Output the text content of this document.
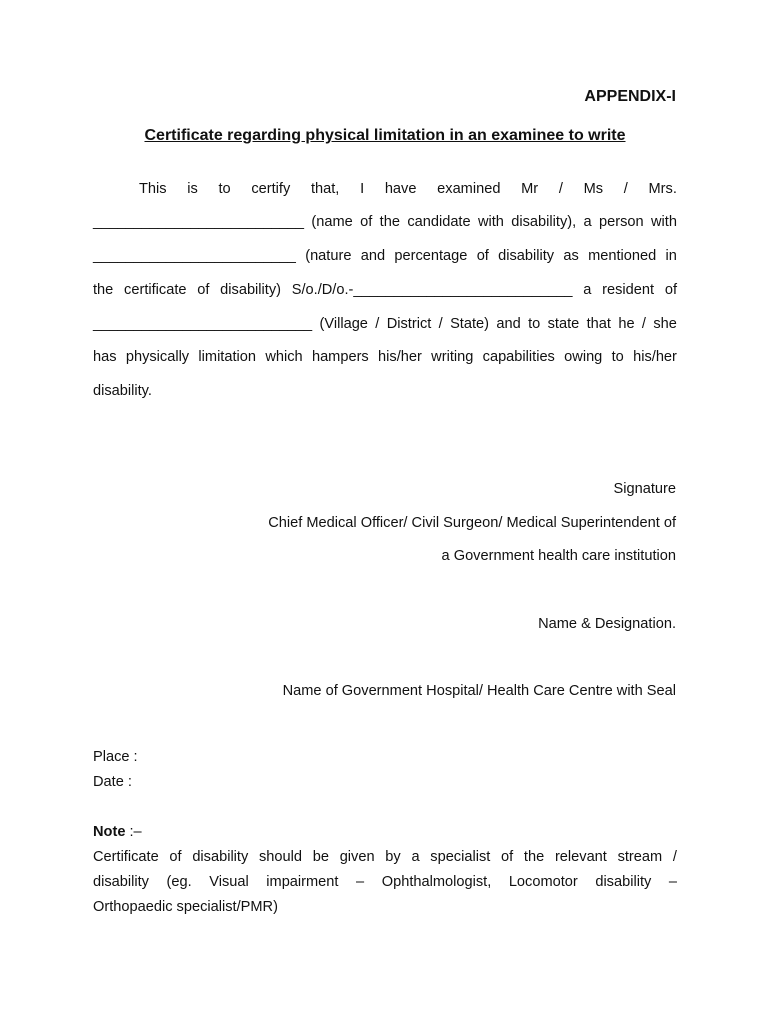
APPENDIX-I
Certificate regarding physical limitation in an examinee to write
This is to certify that, I have examined Mr / Ms / Mrs.
__________________________ (name of the candidate with disability), a person with
_________________________ (nature and percentage of disability as mentioned in
the certificate of disability) S/o./D/o.-___________________________ a resident of
___________________________ (Village / District / State) and to state that he / she
has physically limitation which hampers his/her writing capabilities owing to his/her
disability.
Signature
Chief Medical Officer/ Civil Surgeon/ Medical Superintendent of
a Government health care institution
Name & Designation.
Name of Government Hospital/ Health Care Centre with Seal
Place :
Date :
Note :–
Certificate of disability should be given by a specialist of the relevant stream /
disability (eg. Visual impairment – Ophthalmologist, Locomotor disability –
Orthopaedic specialist/PMR)
